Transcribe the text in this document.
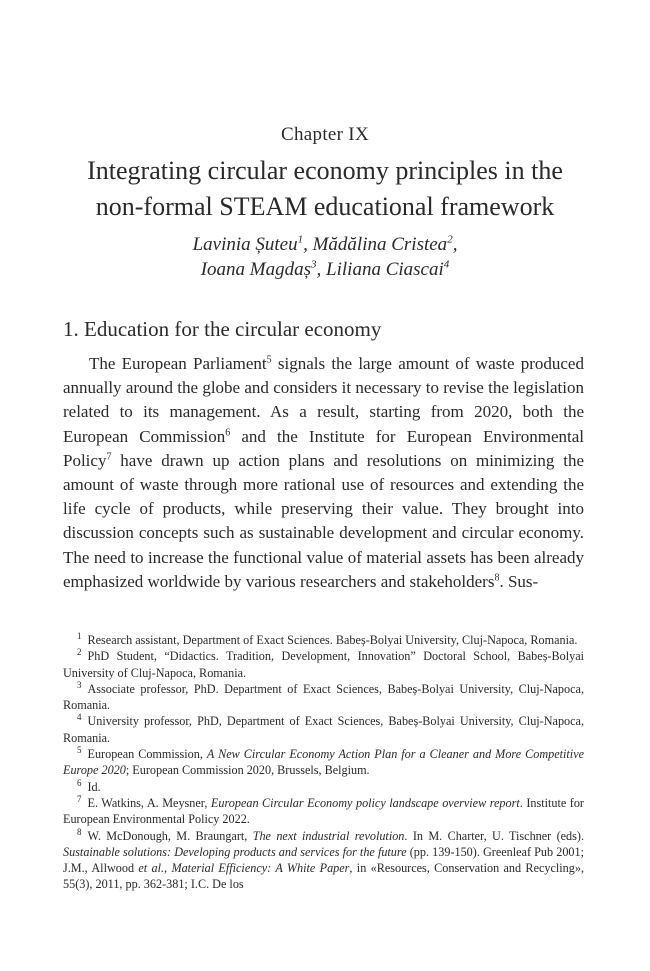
Chapter IX
Integrating circular economy principles in the
non-formal STEAM educational framework
Lavinia Șuteu$^1$, Mădălina Cristea$^2$,
Ioana Magdaș$^3$, Liliana Ciascai$^4$
1. Education for the circular economy

The European Parliament$^5$ signals the large amount of waste produced annually around the globe and considers it necessary to revise the legislation related to its management. As a result, starting from 2020, both the European Commission$^6$ and the Institute for European Environmental Policy$^7$ have drawn up action plans and resolutions on minimizing the amount of waste through more rational use of resources and extending the life cycle of products, while preserving their value. They brought into discussion concepts such as sustainable development and circular economy. The need to increase the functional value of material assets has been already emphasized worldwide by various researchers and stakeholders$^8$. Sus-

$^1$ Research assistant, Department of Exact Sciences. Babeș-Bolyai University, Cluj-Napoca, Romania.

$^2$ PhD Student, “Didactics. Tradition, Development, Innovation” Doctoral School, Babeș-Bolyai University of Cluj-Napoca, Romania.

$^3$ Associate professor, PhD. Department of Exact Sciences, Babeș-Bolyai University, Cluj-Napoca, Romania.

$^4$ University professor, PhD, Department of Exact Sciences, Babeș-Bolyai University, Cluj-Napoca, Romania.

$^5$ European Commission, A New Circular Economy Action Plan for a Cleaner and More Competitive Europe 2020; European Commission 2020, Brussels, Belgium.

$^6$ Id.

$^7$ E. Watkins, A. Meysner, European Circular Economy policy landscape overview report. Institute for European Environmental Policy 2022.

$^8$ W. McDonough, M. Braungart, The next industrial revolution. In M. Charter, U. Tischner (eds). Sustainable solutions: Developing products and services for the future (pp. 139-150). Greenleaf Pub 2001; J.M., Allwood et al., Material Efficiency: A White Paper, in «Resources, Conservation and Recycling», 55(3), 2011, pp. 362-381; I.C. De los
